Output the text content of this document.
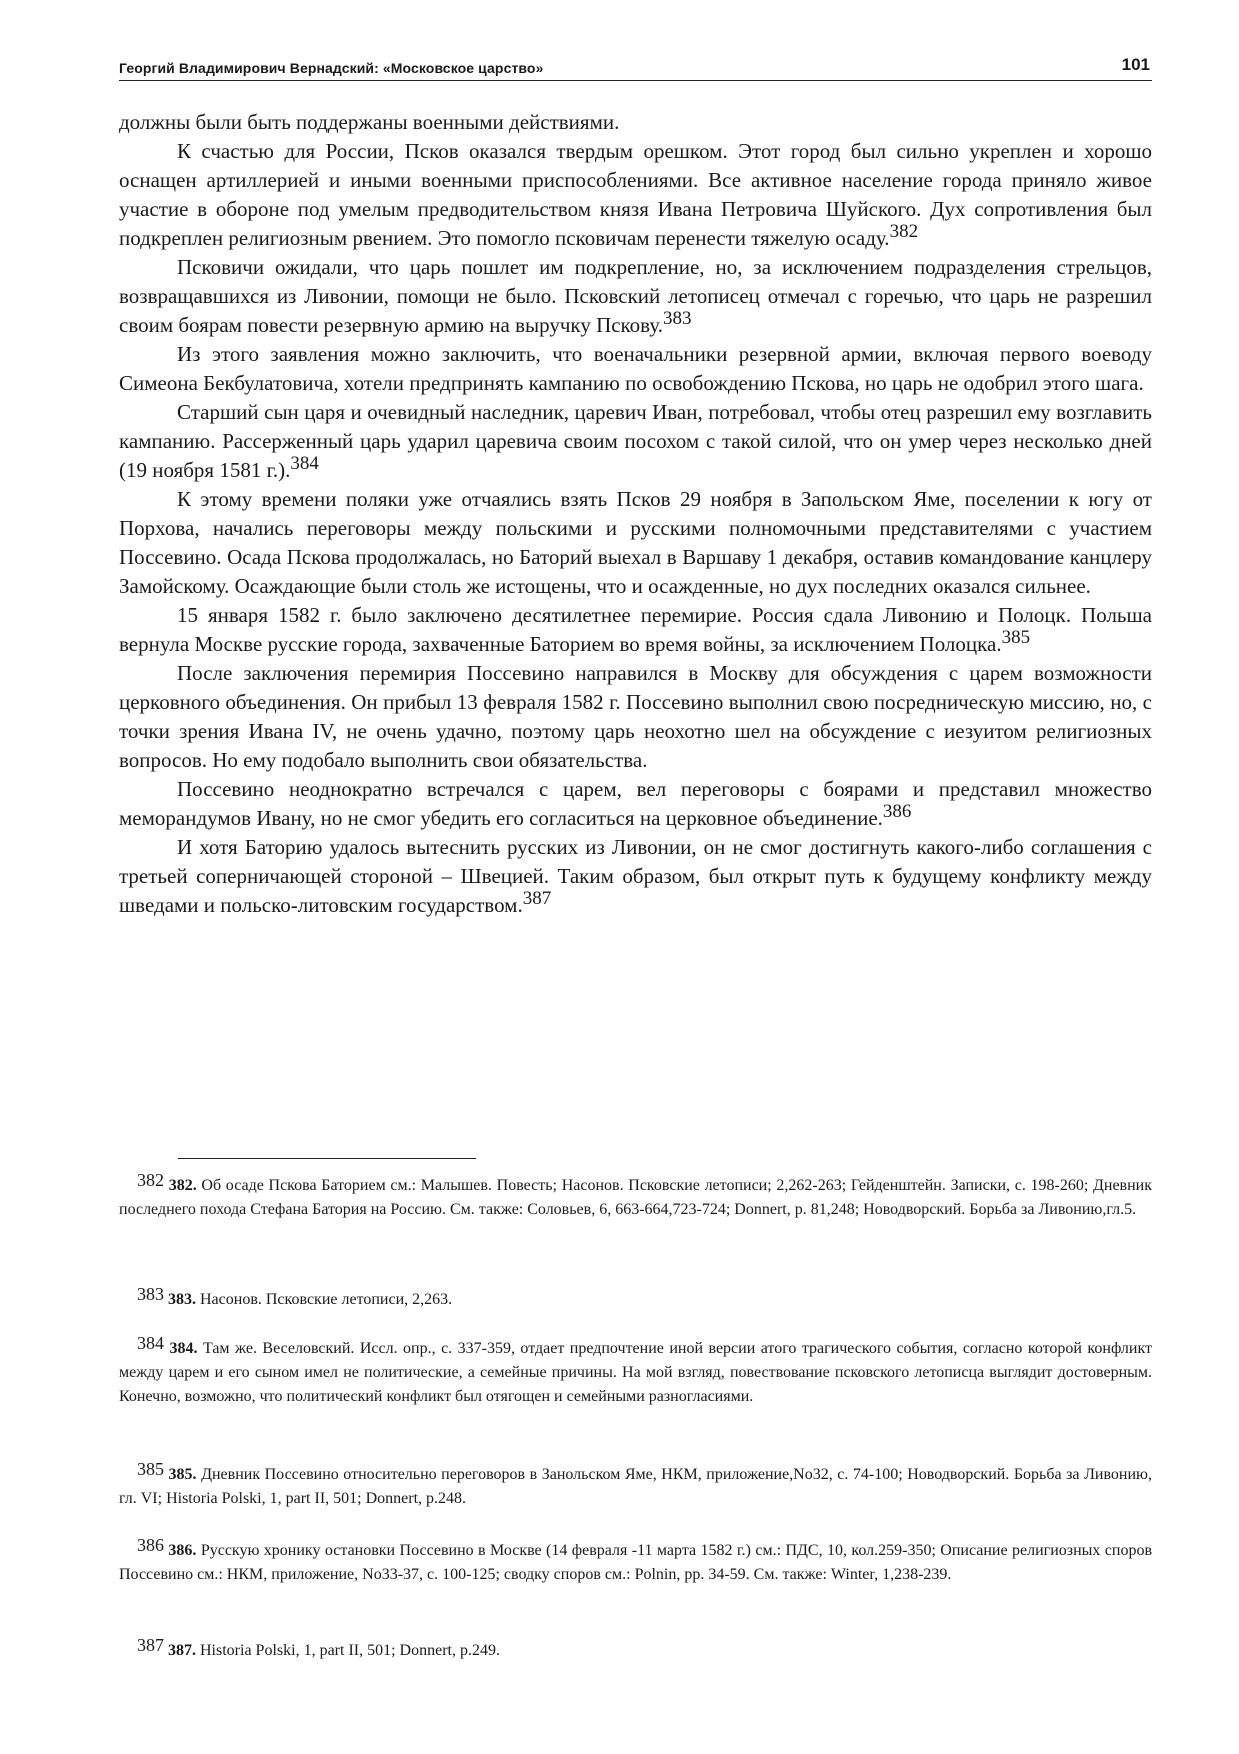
Георгий Владимирович Вернадский: «Московское царство»	101

должны были быть поддержаны военными действиями.

К счастью для России, Псков оказался твердым орешком. Этот город был сильно укреплен и хорошо оснащен артиллерией и иными военными приспособлениями. Все активное население города приняло живое участие в обороне под умелым предводительством князя Ивана Петровича Шуйского. Дух сопротивления был подкреплен религиозным рвением. Это помогло псковичам перенести тяжелую осаду.382

Псковичи ожидали, что царь пошлет им подкрепление, но, за исключением подразделения стрельцов, возвращавшихся из Ливонии, помощи не было. Псковский летописец отмечал с горечью, что царь не разрешил своим боярам повести резервную армию на выручку Пскову.383

Из этого заявления можно заключить, что военачальники резервной армии, включая первого воеводу Симеона Бекбулатовича, хотели предпринять кампанию по освобождению Пскова, но царь не одобрил этого шага.

Старший сын царя и очевидный наследник, царевич Иван, потребовал, чтобы отец разрешил ему возглавить кампанию. Рассерженный царь ударил царевича своим посохом с такой силой, что он умер через несколько дней (19 ноября 1581 г.).384

К этому времени поляки уже отчаялись взять Псков 29 ноября в Запольском Яме, поселении к югу от Порхова, начались переговоры между польскими и русскими полномочными представителями с участием Поссевино. Осада Пскова продолжалась, но Баторий выехал в Варшаву 1 декабря, оставив командование канцлеру Замойскому. Осаждающие были столь же истощены, что и осажденные, но дух последних оказался сильнее.

15 января 1582 г. было заключено десятилетнее перемирие. Россия сдала Ливонию и Полоцк. Польша вернула Москве русские города, захваченные Баторием во время войны, за исключением Полоцка.385

После заключения перемирия Поссевино направился в Москву для обсуждения с царем возможности церковного объединения. Он прибыл 13 февраля 1582 г. Поссевино выполнил свою посредническую миссию, но, с точки зрения Ивана IV, не очень удачно, поэтому царь неохотно шел на обсуждение с иезуитом религиозных вопросов. Но ему подобало выполнить свои обязательства.

Поссевино неоднократно встречался с царем, вел переговоры с боярами и представил множество меморандумов Ивану, но не смог убедить его согласиться на церковное объединение.386

И хотя Баторию удалось вытеснить русских из Ливонии, он не смог достигнуть какого-либо соглашения с третьей соперничающей стороной – Швецией. Таким образом, был открыт путь к будущему конфликту между шведами и польско-литовским государством.387

382 382. Об осаде Пскова Баторием см.: Малышев. Повесть; Насонов. Псковские летописи; 2,262-263; Гейденштейн. Записки, с. 198-260; Дневник последнего похода Стефана Батория на Россию. См. также: Соловьев, 6, 663-664,723-724; Donnert, p. 81,248; Новодворский. Борьба за Ливонию,гл.5.
383 383. Насонов. Псковские летописи, 2,263.
384 384. Там же. Веселовский. Иссл. опр., с. 337-359, отдает предпочтение иной версии атого трагического события, согласно которой конфликт между царем и его сыном имел не политические, а семейные причины. На мой взгляд, повествование псковского летописца выглядит достоверным. Конечно, возможно, что политический конфликт был отягощен и семейными разногласиями.
385 385. Дневник Поссевино относительно переговоров в Занольском Яме, НКМ, приложение,No32, с. 74-100; Новодворский. Борьба за Ливонию, гл. VI; Historia Polski, 1, part II, 501; Donnert, p.248.
386 386. Русскую хронику остановки Поссевино в Москве (14 февраля -11 марта 1582 г.) см.: ПДС, 10, кол.259-350; Описание религиозных споров Поссевино см.: НКМ, приложение, No33-37, с. 100-125; сводку споров см.: Polnin, pp. 34-59. См. также: Winter, 1,238-239.
387 387. Historia Polski, 1, part II, 501; Donnert, p.249.
